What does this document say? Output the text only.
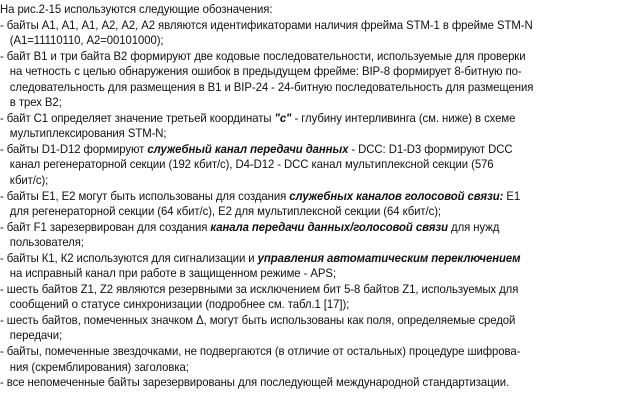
На рис.2-15 используются следующие обозначения:
- байты А1, А1, А1, А2, А2, А2 являются идентификаторами наличия фрейма STM-1 в фрейме STM-N
(А1=11110110, А2=00101000);
- байт В1 и три байта В2 формируют две кодовые последовательности, используемые для проверки
на четность с целью обнаружения ошибок в предыдущем фрейме: BIP-8 формирует 8-битную по-
следовательность для размещения в В1 и BIP-24 - 24-битную последовательность для размещения
в трех В2;
- байт С1 определяет значение третьей координаты "с" - глубину интерливинга (см. ниже) в схеме
мультиплексирования STM-N;
- байты D1-D12 формируют служебный канал передачи данных - DCC: D1-D3 формируют DCC
канал регенераторной секции (192 кбит/с), D4-D12 - DCC канал мультиплексной секции (576
кбит/с);
- байты Е1, Е2 могут быть использованы для создания служебных каналов голосовой связи: Е1
для регенераторной секции (64 кбит/с), Е2 для мультиплексной секции (64 кбит/с);
- байт F1 зарезервирован для создания канала передачи данных/голосовой связи для нужд
пользователя;
- байты К1, К2 используются для сигнализации и управления автоматическим переключением
на исправный канал при работе в защищенном режиме - APS;
- шесть байтов Z1, Z2 являются резервными за исключением бит 5-8 байтов Z1, используемых для
сообщений о статусе синхронизации (подробнее см. табл.1 [17]);
- шесть байтов, помеченных значком Δ, могут быть использованы как поля, определяемые средой
передачи;
- байты, помеченные звездочками, не подвергаются (в отличие от остальных) процедуре шифрова-
ния (скремблирования) заголовка;
- все непомеченные байты зарезервированы для последующей международной стандартизации.
